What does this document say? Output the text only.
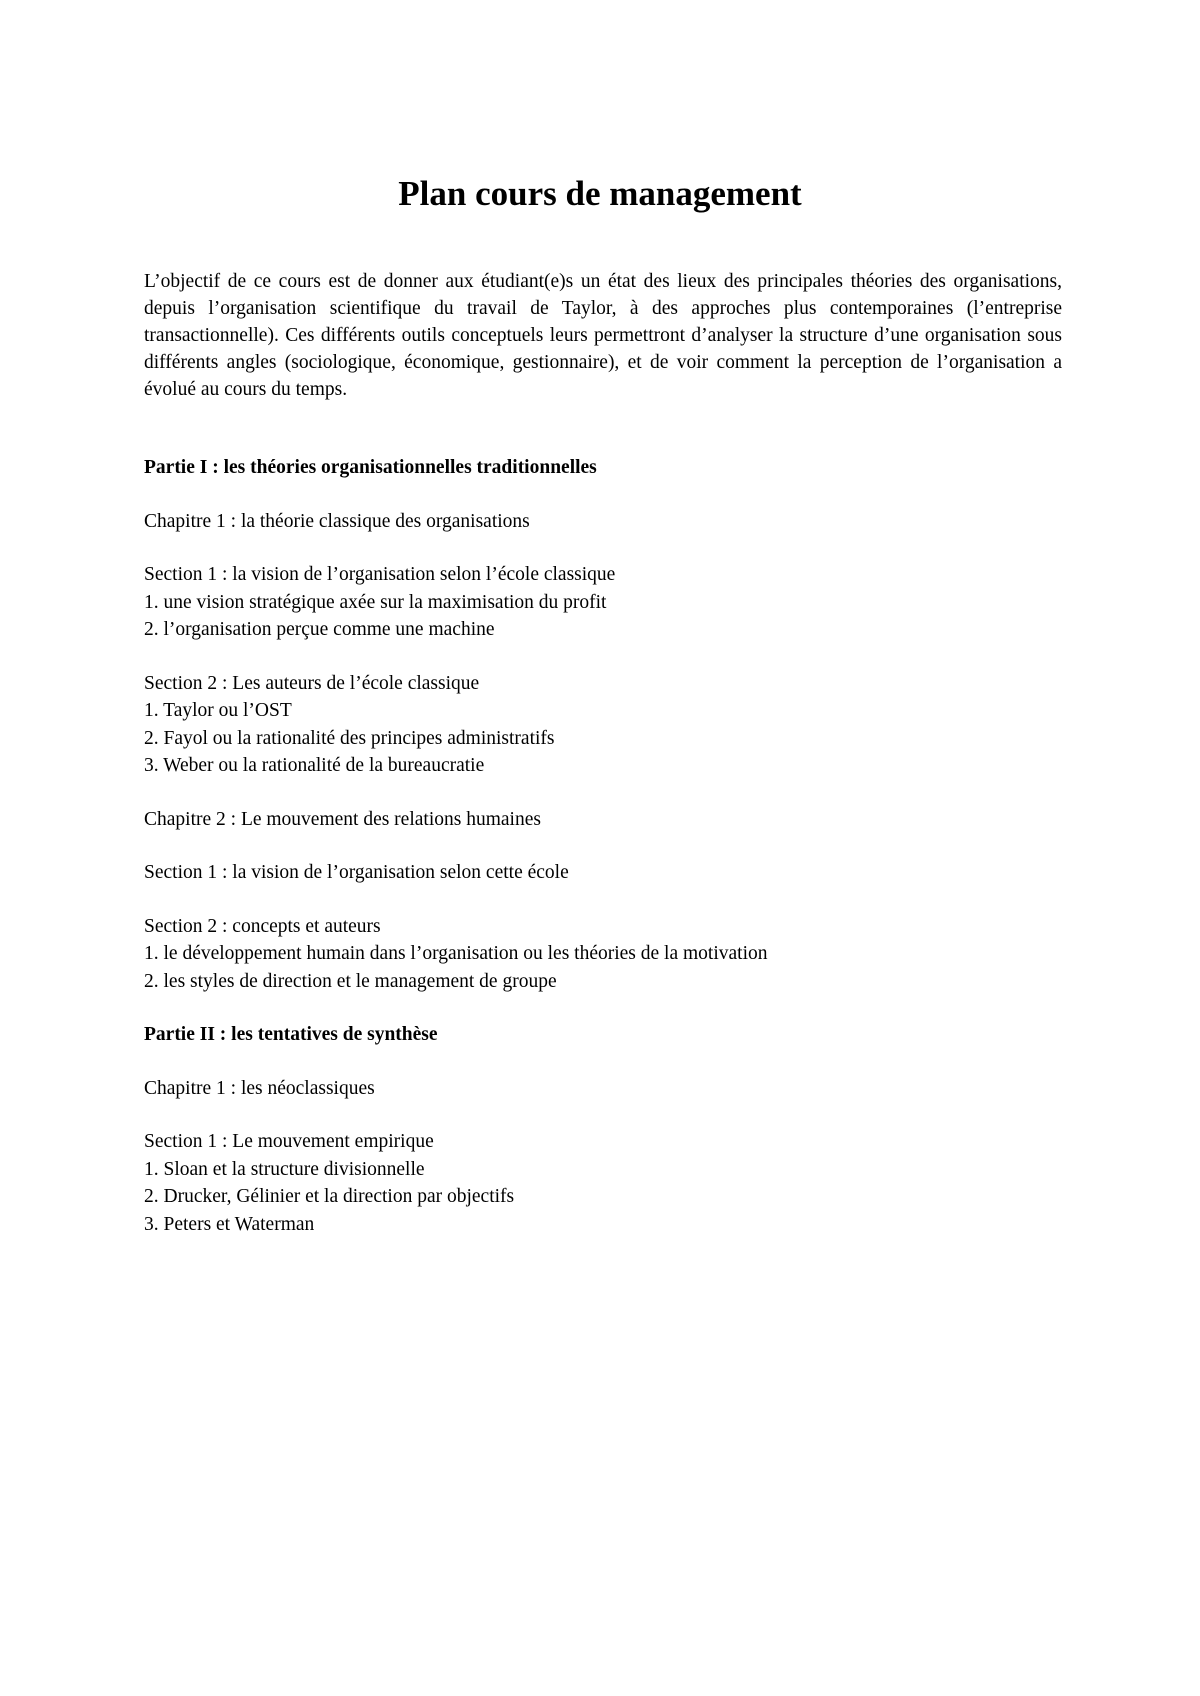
Plan cours de management
L’objectif de ce cours est de donner aux étudiant(e)s un état des lieux des principales théories des organisations, depuis l’organisation scientifique du travail de Taylor, à des approches plus contemporaines (l’entreprise transactionnelle). Ces différents outils conceptuels leurs permettront d’analyser la structure d’une organisation sous différents angles (sociologique, économique, gestionnaire), et de voir comment la perception de l’organisation a évolué au cours du temps.
Partie I : les théories organisationnelles traditionnelles
Chapitre 1 : la théorie classique des organisations
Section 1 : la vision de l’organisation selon l’école classique
1. une vision stratégique axée sur la maximisation du profit
2. l’organisation perçue comme une machine
Section 2 : Les auteurs de l’école classique
1. Taylor ou l’OST
2. Fayol ou la rationalité des principes administratifs
3. Weber ou la rationalité de la bureaucratie
Chapitre 2 : Le mouvement des relations humaines
Section 1 : la vision de l’organisation selon cette école
Section 2 : concepts et auteurs
1. le développement humain dans l’organisation ou les théories de la motivation
2. les styles de direction et le management de groupe
Partie II : les tentatives de synthèse
Chapitre 1 : les néoclassiques
Section 1 : Le mouvement empirique
1. Sloan et la structure divisionnelle
2. Drucker, Gélinier et la direction par objectifs
3. Peters et Waterman
